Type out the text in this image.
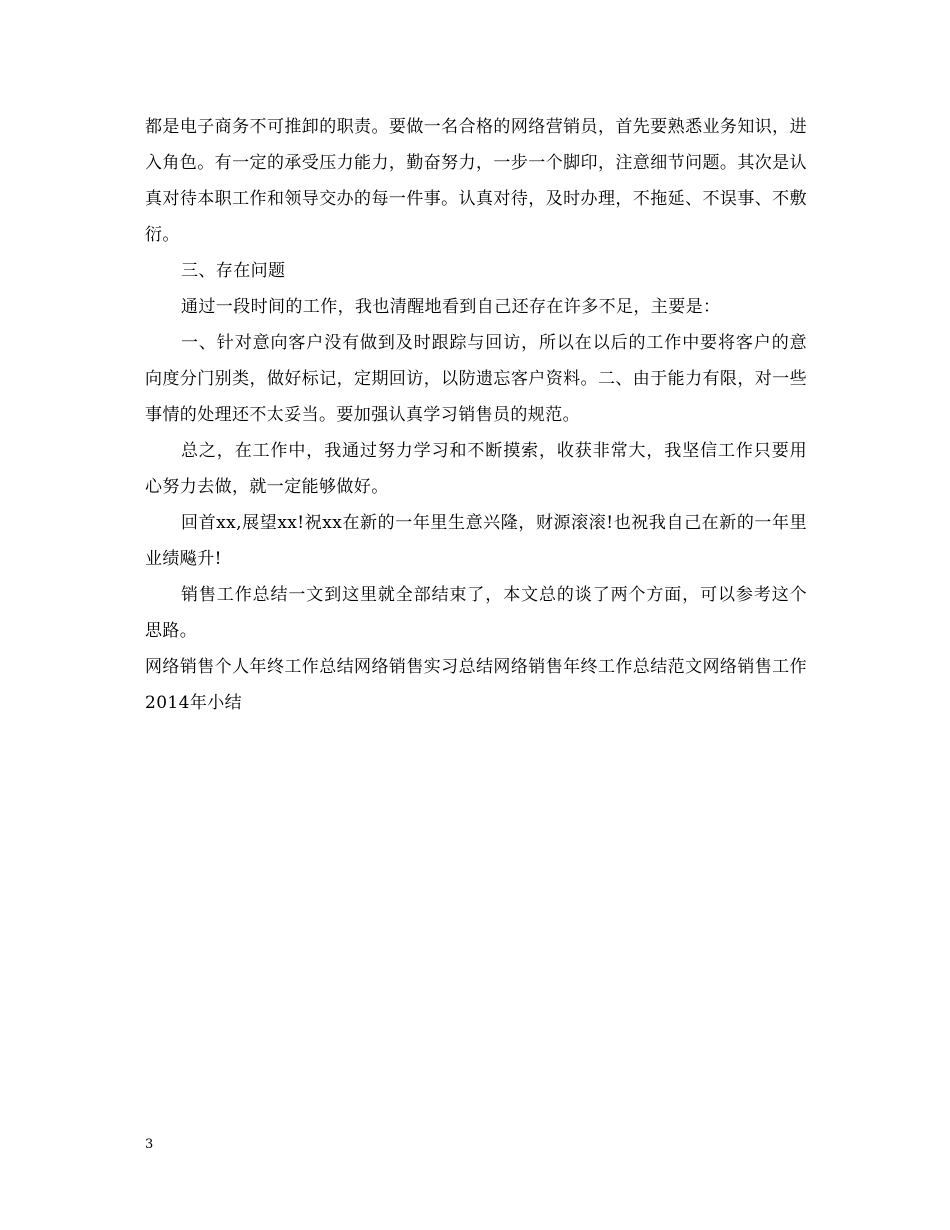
都是电子商务不可推卸的职责。要做一名合格的网络营销员，首先要熟悉业务知识，进入角色。有一定的承受压力能力，勤奋努力，一步一个脚印，注意细节问题。其次是认真对待本职工作和领导交办的每一件事。认真对待，及时办理，不拖延、不误事、不敷衍。

三、存在问题

通过一段时间的工作，我也清醒地看到自己还存在许多不足，主要是：

一、针对意向客户没有做到及时跟踪与回访，所以在以后的工作中要将客户的意向度分门别类，做好标记，定期回访，以防遗忘客户资料。二、由于能力有限，对一些事情的处理还不太妥当。要加强认真学习销售员的规范。

总之，在工作中，我通过努力学习和不断摸索，收获非常大，我坚信工作只要用心努力去做，就一定能够做好。

回首xx,展望xx!祝xx在新的一年里生意兴隆，财源滚滚!也祝我自己在新的一年里业绩飚升!

销售工作总结一文到这里就全部结束了，本文总的谈了两个方面，可以参考这个思路。

网络销售个人年终工作总结网络销售实习总结网络销售年终工作总结范文网络销售工作2014年小结

3
